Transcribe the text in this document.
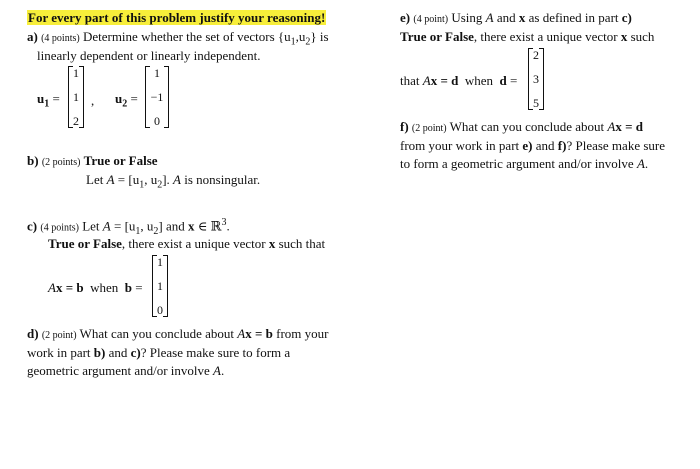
For every part of this problem justify your reasoning!
a) (4 points) Determine whether the set of vectors $\{u_1,u_2\}$ is
linearly dependent or linearly independent.
$u_1$ =
1
1
2
, $u_2$ =
1
−1
0
b) (2 points) True or False
Let $A = [u_1$, $u_2$]. A is nonsingular.
c) (4 points) Let $A = [u_1$, $u_2$] and x ∈ ℝ$^3$.
True or False, there exist a unique vector x such that
Ax = b  when  b =
1
1
0
d) (2 point) What can you conclude about Ax = b from your
work in part b) and c)? Please make sure to form a
geometric argument and/or involve A.
e) (4 point) Using A and x as defined in part c)
True or False, there exist a unique vector x such
that Ax = d  when  d =
2
3
5
f) (2 point) What can you conclude about Ax = d
from your work in part e) and f)? Please make sure
to form a geometric argument and/or involve A.
